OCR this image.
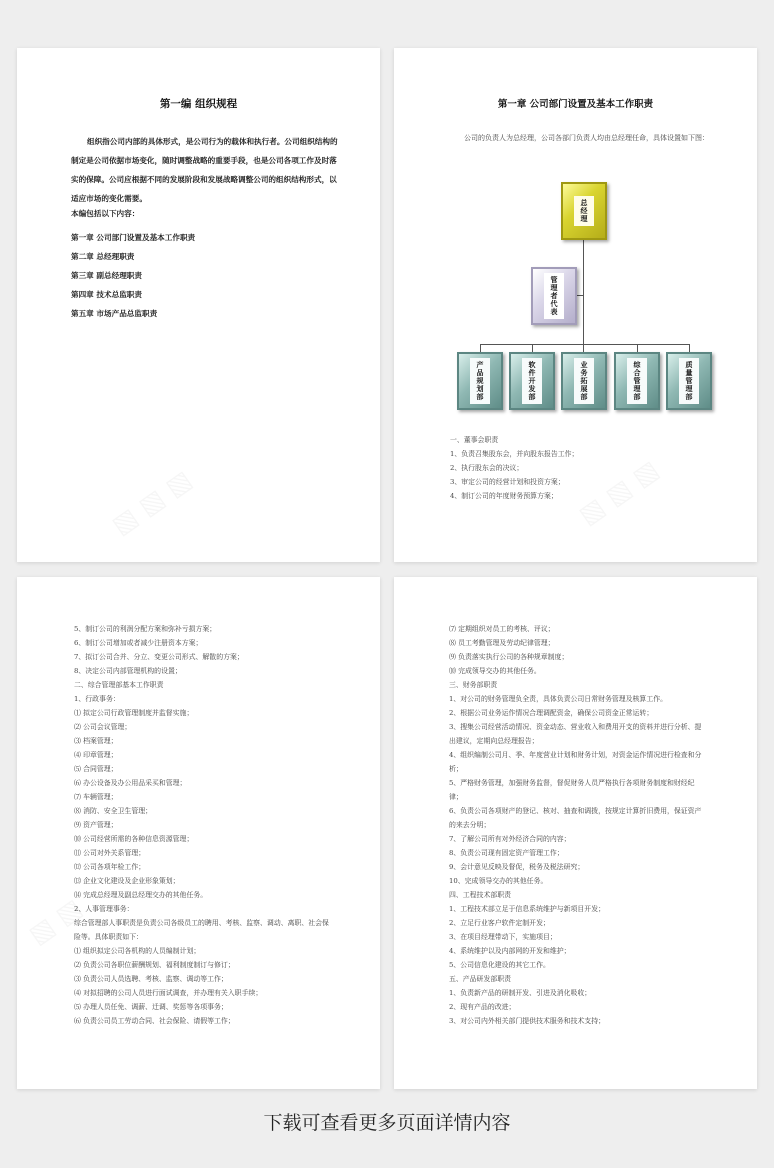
第一编 组织规程

组织指公司内部的具体形式，是公司行为的载体和执行者。公司组织结构的制定是公司依据市场变化，随时调整战略的重要手段，也是公司各项工作及时落实的保障。公司应根据不同的发展阶段和发展战略调整公司的组织结构形式，以适应市场的变化需要。

本编包括以下内容：
第一章 公司部门设置及基本工作职责
第二章 总经理职责
第三章 副总经理职责
第四章 技术总监职责
第五章 市场产品总监职责
第一章 公司部门设置及基本工作职责

公司的负责人为总经理，公司各部门负责人均由总经理任命，具体设置如下图：

总经理
管理者代表
产品规划部	软件开发部	业务拓展部	综合管理部	质量管理部
一、董事会职责
1、负责召集股东会，并向股东报告工作；
2、执行股东会的决议；
3、审定公司的经营计划和投资方案；
4、制订公司的年度财务预算方案；
5、制订公司的利润分配方案和弥补亏损方案；
6、制订公司增加或者减少注册资本方案；
7、拟订公司合并、分立、变更公司形式、解散的方案；
8、决定公司内部管理机构的设置；
二、综合管理部基本工作职责
1、行政事务：
⑴ 拟定公司行政管理制度并监督实施；
⑵ 公司会议管理；
⑶ 档案管理；
⑷ 印章管理；
⑸ 合同管理；
⑹ 办公设备及办公用品采买和管理；
⑺ 车辆管理；
⑻ 消防、安全卫生管理；
⑼ 资产管理；
⑽ 公司经营所需的各种信息资源管理；
⑾ 公司对外关系管理；
⑿ 公司各项年检工作；
⒀ 企业文化建设及企业形象策划；
⒁ 完成总经理及副总经理交办的其他任务。
2、人事管理事务：
综合管理部人事职责是负责公司各级员工的聘用、考核、监察、调动、离职、社会保险等。具体职责如下：
⑴ 组织拟定公司各机构的人员编制计划；
⑵ 负责公司各职位薪酬规划、福利制度制订与修订；
⑶ 负责公司人员选聘、考核、监察、调动等工作；
⑷ 对拟招聘的公司人员进行面试调查，并办理有关入职手续；
⑸ 办理人员任免、调薪、迁调、奖惩等各项事务；
⑹ 负责公司员工劳动合同、社会保险、请假等工作；
⑺ 定期组织对员工的考核、评议；
⑻ 员工考勤管理及劳动纪律管理；
⑼ 负责落实执行公司的各种规章制度；
⑽ 完成领导交办的其他任务。
三、财务部职责
1、对公司的财务管理负全责，具体负责公司日常财务管理及核算工作。
2、根据公司业务运作情况合理调配资金，确保公司资金正常运转；
3、搜集公司经营活动情况、资金动态、营业收入和费用开支的资料并进行分析、提出建议，定期向总经理报告；
4、组织编制公司月、季、年度营业计划和财务计划，对资金运作情况进行检查和分析；
5、严格财务管理，加强财务监督，督促财务人员严格执行各项财务制度和财经纪律；
6、负责公司各项财产的登记、核对、抽查和调拨，按规定计算折旧费用，保证资产的来去分明；
7、了解公司所有对外经济合同的内容；
8、负责公司现有固定资产管理工作；
9、会计意见反映及督促，税务及税法研究；
10、完成领导交办的其他任务。
四、工程技术部职责
1、工程技术部立足于信息系统维护与新项目开发；
2、立足行业客户软件定制开发；
3、在项目经理带动下，实施项目；
4、系统维护以及内部网的开发和维护；
5、公司信息化建设的其它工作。
五、产品研发部职责
1、负责新产品的研制开发、引进及消化吸收；
2、现有产品的改进；
3、对公司内外相关部门提供技术服务和技术支持；
下载可查看更多页面详情内容
